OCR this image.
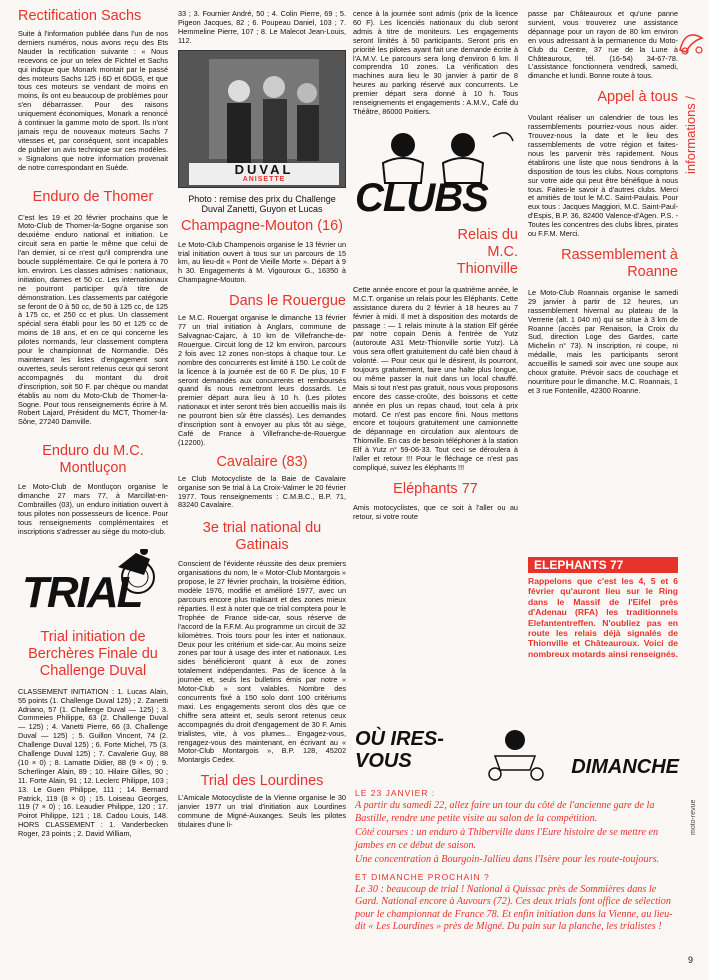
informations /
Rectification Sachs

Suite à l'information publiée dans l'un de nos derniers numéros, nous avons reçu des Ets Nauder la rectification suivante : « Nous recevons ce jour un telex de Fichtel et Sachs qui indique que Monark montait par le passé des moteurs Sachs 125 i 6D et 6DGS, et que tous ces moteurs se vendant de moins en moins, ils ont eu beaucoup de problèmes pour s'en débarrasser. Pour des raisons uniquement économiques, Monark a renoncé à continuer la gamme moto de sport. Ils n'ont jamais reçu de nouveaux moteurs Sachs 7 vitesses et, par conséquent, sont incapables de publier un avis technique sur ces modèles. » Signalons que notre information provenait de notre correspondant en Suède.

Enduro de Thomer

C'est les 19 et 20 février prochains que le Moto-Club de Thomer-la-Sogne organise son deuxième enduro national et initiation. Le circuit sera en partie le même que celui de l'an dernier, si ce n'est qu'il comprendra une boucle supplémentaire. Ce qui le portera à 70 km. environ. Les classes admises : nationaux, initiation, dames et 50 cc. Les internationaux ne pourront participer qu'à titre de démonstration. Les classements par catégorie se feront de 0 à 50 cc, de 50 à 125 cc, de 125 à 175 cc, et 250 cc et plus. Un classement spécial sera établi pour les 50 et 125 cc de moins de 18 ans, et en ce qui concerne les pilotes normands, leur classement comptera pour le championnat de Normandie. Dès maintenant les listes d'engagement sont ouvertes, seuls seront retenus ceux qui seront accompagnés du montant du droit d'inscription, soit 50 F. par chèque ou mandat établis au nom du Moto-Club de Thomer-la-Sogne. Pour tous renseignements écrire à M. Robert Lajard, Président du MCT, Thomer-la-Sône, 27240 Damville.

Enduro du M.C. Montluçon

Le Moto-Club de Montluçon organise le dimanche 27 mars 77, à Marcillat-en-Combrailles (03), un enduro initiation ouvert à tous pilotes non possesseurs de licence. Pour tous renseignements complémentaires et inscriptions s'adresser au siège du moto-club.

TRIAL
Trial initiation de Berchères Finale du Challenge Duval

CLASSEMENT INITIATION : 1. Lucas Alain, 55 points (1. Challenge Duval 125) ; 2. Zanetti Adriano, 57 (1. Challenge Duval — 125) ; 3. Commeies Philippe, 63 (2. Challenge Duval — 125) ; 4. Vanetti Pierre, 66 (3. Challenge Duval — 125) ; 5. Guillon Vincent, 74 (2. Challenge Duval 125) ; 6. Forte Michel, 75 (3. Challenge Duval 125) ; 7. Cavalerie Guy, 88 (10 × 0) ; 8. Lamatte Didier, 88 (9 × 0) ; 9. Scherlinger Alain, 89 ; 10. Hilaire Gilles, 90 ; 11. Forte Alain, 91 ; 12. Leclerc Philippe, 103 ; 13. Le Guen Philippe, 111 ; 14. Bernard Patrick, 119 (8 × 0) ; 15. Loiseau Georges, 119 (7 × 0) ; 16. Leaudier Philippe, 120 ; 17. Poirot Philippe, 121 ; 18. Cadou Louis, 148. HORS CLASSEMENT : 1. Vanderbecken Roger, 23 points ; 2. David William,

33 ; 3. Fournier André, 50 ; 4. Colin Pierre, 69 ; 5. Pigeon Jacques, 82 ; 6. Poupeau Daniel, 103 ; 7. Hemmeline Pierre, 107 ; 8. Le Malecot Jean-Louis, 112.

DUVAL
ANISETTE

Photo : remise des prix du Challenge Duval Zanetti, Guyon et Lucas

Champagne-Mouton (16)

Le Moto-Club Champenois organise le 13 février un trial initiation ouvert à tous sur un parcours de 15 km, au lieu-dit « Pont de Vieille Morte ». Départ à 9 h 30. Engagements à M. Vigouroux G., 16350 à Champagne-Mouton.

Dans le Rouergue

Le M.C. Rouergat organise le dimanche 13 février 77 un trial initiation à Anglars, commune de Salvagnac-Cajarc, à 10 km de Villefranche-de-Rouergue. Circuit long de 12 km environ, parcours 2 fois avec 12 zones non-stops à chaque tour. Le nombre des concurrents est limité à 150. Le coût de la licence à la journée est de 60 F. De plus, 10 F seront demandés aux concurrents et remboursés quand ils nous remettront leurs dossards. Le premier départ aura lieu à 10 h. (Les pilotes nationaux et inter seront très bien accueillis mais ils ne pourront bien sûr être classés). Les demandes d'inscription sont à envoyer au plus tôt au siège, Café de France à Villefranche-de-Rouergue (12200).

Cavalaire (83)

Le Club Motocycliste de la Baie de Cavalaire organise son 9e trial à La Croix-Valmer le 20 février 1977. Tous renseignements : C.M.B.C., B.P. 71, 83240 Cavalaire.

3e trial national du Gatinais

Conscient de l'évidente réussite des deux premiers organisations du nom, le « Motor-Club Montargois » propose, le 27 février prochain, la troisième édition, modèle 1976, modifié et amélioré 1977, avec un parcours encore plus trialisant et des zones mieux réparties. Il est à noter que ce trial comptera pour le Trophée de France side-car, sous réserve de l'accord de la F.F.M. Au programme un circuit de 32 kilomètres. Trois tours pour les inter et nationaux. Deux pour les critérium et side-car. Au moins seize zones par tour à usage des inter et nationaux. Les sides bénéficieront quant à eux de zones totalement indépendantes. Pas de licence à la journée et, seuls les bulletins émis par notre « Motor-Club » sont valables. Nombre des concurrents fixé à 150 solo dont 100 critériums maxi. Les engagements seront clos dès que ce chiffre sera atteint et, seuls seront retenus ceux accompagnés du droit d'engagement de 30 F. Amis trialistes, vite, à vos plumes... Engagez-vous, rengagez-vous des maintenant, en écrivant au « Motor-Club Montargois », B.P. 128, 45202 Montargis Cedex.

Trial des Lourdines

L'Amicale Motocycliste de la Vienne organise le 30 janvier 1977 un trial d'initiation aux Lourdines commune de Migné-Auxanges. Seuls les pilotes titulaires d'une li-

cence à la journée sont admis (prix de la licence 60 F). Les licenciés nationaux du club seront admis à titre de moniteurs. Les engagements seront limités à 50 participants. Seront pris en priorité les pilotes ayant fait une demande écrite à l'A.M.V. Le parcours sera long d'environ 6 km. Il comprendra 10 zones. La vérification des machines aura lieu le 30 janvier à partir de 8 heures au parking réservé aux concurrents. Le premier départ sera donné à 10 h. Tous renseignements et engagements : A.M.V., Café du Théâtre, 86000 Poitiers.

CLUBS
Relais du M.C. Thionville

Cette année encore et pour la quatrième année, le M.C.T. organise un relais pour les Eléphants. Cette assistance durera du 2 février à 18 heures au 7 février à midi. Il met à disposition des motards de passage : — 1 relais minute à la station Elf gérée par notre copain Denis à l'entrée de Yutz (autoroute A31 Metz-Thionville sortie Yutz). Là vous sera offert gratuitement du café bien chaud à volonté. — Pour ceux qui le désirent, ils pourront, toujours gratuitement, faire une halte plus longue, ou même passer la nuit dans un local chauffé. Mais si tout n'est pas gratuit, nous vous proposons encore des casse-croûte, des boissons et cette année en plus un repas chaud, tout cela à prix motard. Ce n'est pas encore fini. Nous mettons encore et toujours gratuitement une camionnette de dépannage en circulation aux alentours de Thionville. En cas de besoin téléphoner à la station Elf à Yutz n° 59-06-33. Tout ceci se déroulera à l'aller et retour !!! Pour le fléchage ce n'est pas compliqué, suivez les éléphants !!!

Eléphants 77

Amis motocyclistes, que ce soit à l'aller ou au retour, si votre route

passe par Châteauroux et qu'une panne survient, vous trouverez une assistance dépannage pour un rayon de 80 km environ en vous adressant à la permanence du Moto-Club du Centre, 37 rue de la Lune à Châteauroux, tél. (16-54) 34-67-78. L'assistance fonctionnera vendredi, samedi, dimanche et lundi. Bonne route à tous.

Appel à tous

Voulant réaliser un calendrier de tous les rassemblements pourriez-vous nous aider. Trouvez-nous la date et le lieu des rassemblements de votre région et faites-nous les parvenir très rapidement. Nous établirons une liste que nous tiendrons à la disposition de tous les clubs. Nous comptons sur votre aide qui peut être bénéfique à nous tous. Faites-le savoir à d'autres clubs. Merci et amitiés de tout le M.C. Saint-Paulais. Pour eux tous : Jacques Maggiori, M.C. Saint-Paul-d'Espis, B.P. 36, 82400 Valence-d'Agen. P.S. - Toutes les concentres des clubs libres, pirates ou F.F.M. Merci.

Rassemblement à Roanne

Le Moto-Club Roannais organise le samedi 29 janvier à partir de 12 heures, un rassemblement hivernal au plateau de la Verrerie (alt. 1 040 m) qui se situe à 3 km de Roanne (accès par Renaison, la Croix du Sud, direction Loge des Gardes, carte Michelin n° 73). N inscription, ni coupe, ni médaille, mais les participants seront accueillis le samedi soir avec une soupe aux choux gratuite. Prévoir sacs de couchage et nourriture pour le dimanche. M.C. Roannais, 1 et 3 rue Fontenille, 42300 Roanne.

ELEPHANTS 77

Rappelons que c'est les 4, 5 et 6 février qu'auront lieu sur le Ring dans le Massif de l'Eifel près d'Adenau (RFA) les traditionnels Elefantentreffen. N'oubliez pas en route les relais déjà signalés de Thionville et Châteauroux. Voici de nombreux motards ainsi renseignés.

OÙ IRES-VOUS	DIMANCHE
LE 23 JANVIER :

A partir du samedi 22, allez faire un tour du côté de l'ancienne gare de la Bastille, rendre une petite visite au salon de la compétition.

Côté courses : un enduro à Thiberville dans l'Eure histoire de se mettre en jambes en ce début de saison.

Une concentration à Bourgoin-Jallieu dans l'Isère pour les route-toujours.

ET DIMANCHE PROCHAIN ?

Le 30 : beaucoup de trial ! National à Quissac près de Sommières dans le Gard. National encore à Auvours (72). Ces deux trials font office de sélection pour le championnat de France 78. Et enfin initiation dans la Vienne, au lieu-dit « Les Lourdines » près de Migné. Du pain sur la planche, les trialistes !

moto-revue
9
